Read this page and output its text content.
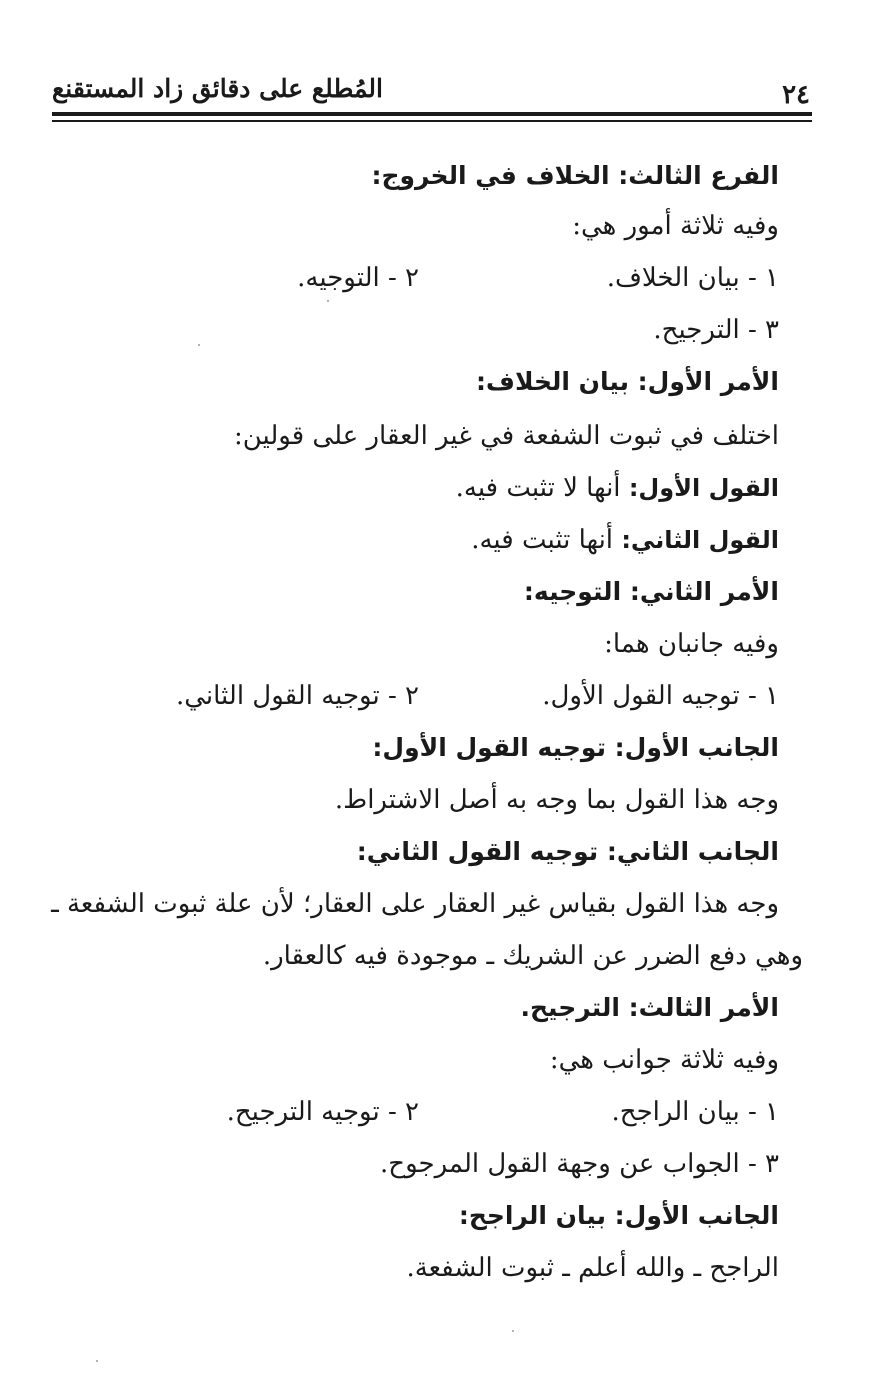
٢٤
المُطلع على دقائق زاد المستقنع
الفرع الثالث: الخلاف في الخروج:
وفيه ثلاثة أمور هي:
١ - بيان الخلاف.
٢ - التوجيه.
٣ - الترجيح.
الأمر الأول: بيان الخلاف:
اختلف في ثبوت الشفعة في غير العقار على قولين:
القول الأول: أنها لا تثبت فيه.
القول الثاني: أنها تثبت فيه.
الأمر الثاني: التوجيه:
وفيه جانبان هما:
١ - توجيه القول الأول.
٢ - توجيه القول الثاني.
الجانب الأول: توجيه القول الأول:
وجه هذا القول بما وجه به أصل الاشتراط.
الجانب الثاني: توجيه القول الثاني:
وجه هذا القول بقياس غير العقار على العقار؛ لأن علة ثبوت الشفعة ـ
وهي دفع الضرر عن الشريك ـ موجودة فيه كالعقار.
الأمر الثالث: الترجيح.
وفيه ثلاثة جوانب هي:
١ - بيان الراجح.
٢ - توجيه الترجيح.
٣ - الجواب عن وجهة القول المرجوح.
الجانب الأول: بيان الراجح:
الراجح ـ والله أعلم ـ ثبوت الشفعة.
